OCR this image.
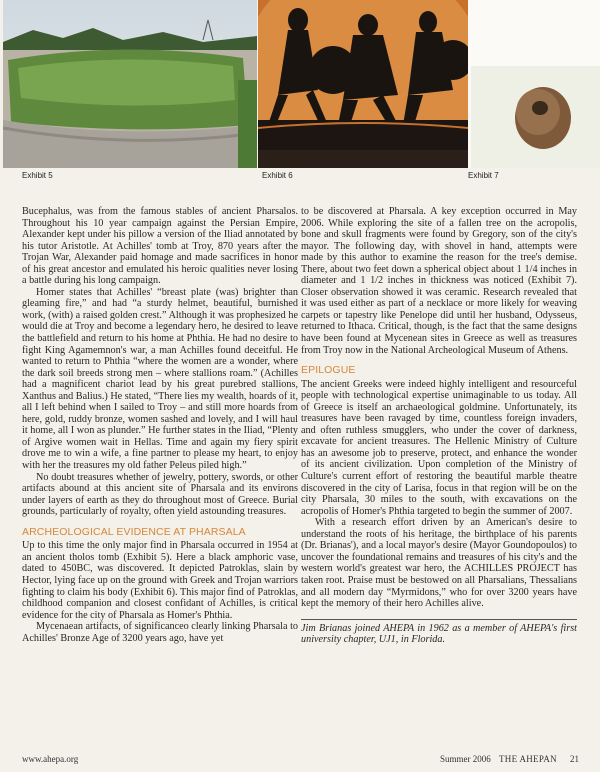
Exhibit 5	Exhibit 6	Exhibit 7

Bucephalus, was from the famous stables of ancient Pharsalos. Throughout his 10 year campaign against the Persian Empire, Alexander kept under his pillow a version of the Iliad annotated by his tutor Aristotle. At Achilles' tomb at Troy, 870 years after the Trojan War, Alexander paid homage and made sacrifices in honor of his great ancestor and emulated his heroic qualities never losing a battle during his long campaign.

Homer states that Achilles' “breast plate (was) brighter than gleaming fire,” and had “a sturdy helmet, beautiful, burnished work, (with) a raised golden crest.” Although it was prophesized he would die at Troy and become a legendary hero, he desired to leave the battlefield and return to his home at Phthia. He had no desire to fight King Agamemnon's war, a man Achilles found deceitful. He wanted to return to Phthia “where the women are a wonder, where the dark soil breeds strong men – where stallions roam.” (Achilles had a magnificent chariot lead by his great purebred stallions, Xanthus and Balius.) He stated, “There lies my wealth, hoards of it, all I left behind when I sailed to Troy – and still more hoards from here, gold, ruddy bronze, women sashed and lovely, and I will haul it home, all I won as plunder.” He further states in the Iliad, “Plenty of Argive women wait in Hellas. Time and again my fiery spirit drove me to win a wife, a fine partner to please my heart, to enjoy with her the treasures my old father Peleus piled high.”

No doubt treasures whether of jewelry, pottery, swords, or other artifacts abound at this ancient site of Pharsala and its environs under layers of earth as they do throughout most of Greece. Burial grounds, particularly of royalty, often yield astounding treasures.

ARCHEOLOGICAL EVIDENCE AT PHARSALA

Up to this time the only major find in Pharsala occurred in 1954 at an ancient tholos tomb (Exhibit 5). Here a black amphoric vase, dated to 450BC, was discovered. It depicted Patroklas, slain by Hector, lying face up on the ground with Greek and Trojan warriors fighting to claim his body (Exhibit 6). This major find of Patroklas, childhood companion and closest confidant of Achilles, is critical evidence for the city of Pharsala as Homer's Phthia.

Mycenaean artifacts, of significanceo clearly linking Pharsala to Achilles' Bronze Age of 3200 years ago, have yet

to be discovered at Pharsala. A key exception occurred in May 2006. While exploring the site of a fallen tree on the acropolis, bone and skull fragments were found by Gregory, son of the city's mayor. The following day, with shovel in hand, attempts were made by this author to examine the reason for the tree's demise. There, about two feet down a spherical object about 1 1/4 inches in diameter and 1 1/2 inches in thickness was noticed (Exhibit 7). Closer observation showed it was ceramic. Research revealed that it was used either as part of a necklace or more likely for weaving carpets or tapestry like Penelope did until her husband, Odysseus, returned to Ithaca. Critical, though, is the fact that the same designs have been found at Mycenean sites in Greece as well as treasures from Troy now in the National Archeological Museum of Athens.

EPILOGUE

The ancient Greeks were indeed highly intelligent and resourceful people with technological expertise unimaginable to us today. All of Greece is itself an archaeological goldmine. Unfortunately, its treasures have been ravaged by time, countless foreign invaders, and often ruthless smugglers, who under the cover of darkness, excavate for ancient treasures. The Hellenic Ministry of Culture has an awesome job to preserve, protect, and enhance the wonder of its ancient civilization. Upon completion of the Ministry of Culture's current effort of restoring the beautiful marble theatre discovered in the city of Larisa, focus in that region will be on the city Pharsala, 30 miles to the south, with excavations on the acropolis of Homer's Phthia targeted to begin the summer of 2007.

With a research effort driven by an American's desire to understand the roots of his heritage, the birthplace of his parents (Dr. Brianas'), and a local mayor's desire (Mayor Goundopoulos) to uncover the foundational remains and treasures of his city's and the western world's greatest war hero, the ACHILLES PROJECT has taken root. Praise must be bestowed on all Pharsalians, Thessalians and all modern day “Myrmidons,” who for over 3200 years have kept the memory of their hero Achilles alive.

Jim Brianas joined AHEPA in 1962 as a member of AHEPA's first university chapter, UJ1, in Florida.

www.ahepa.org	Summer 2006 THE AHEPAN 21
